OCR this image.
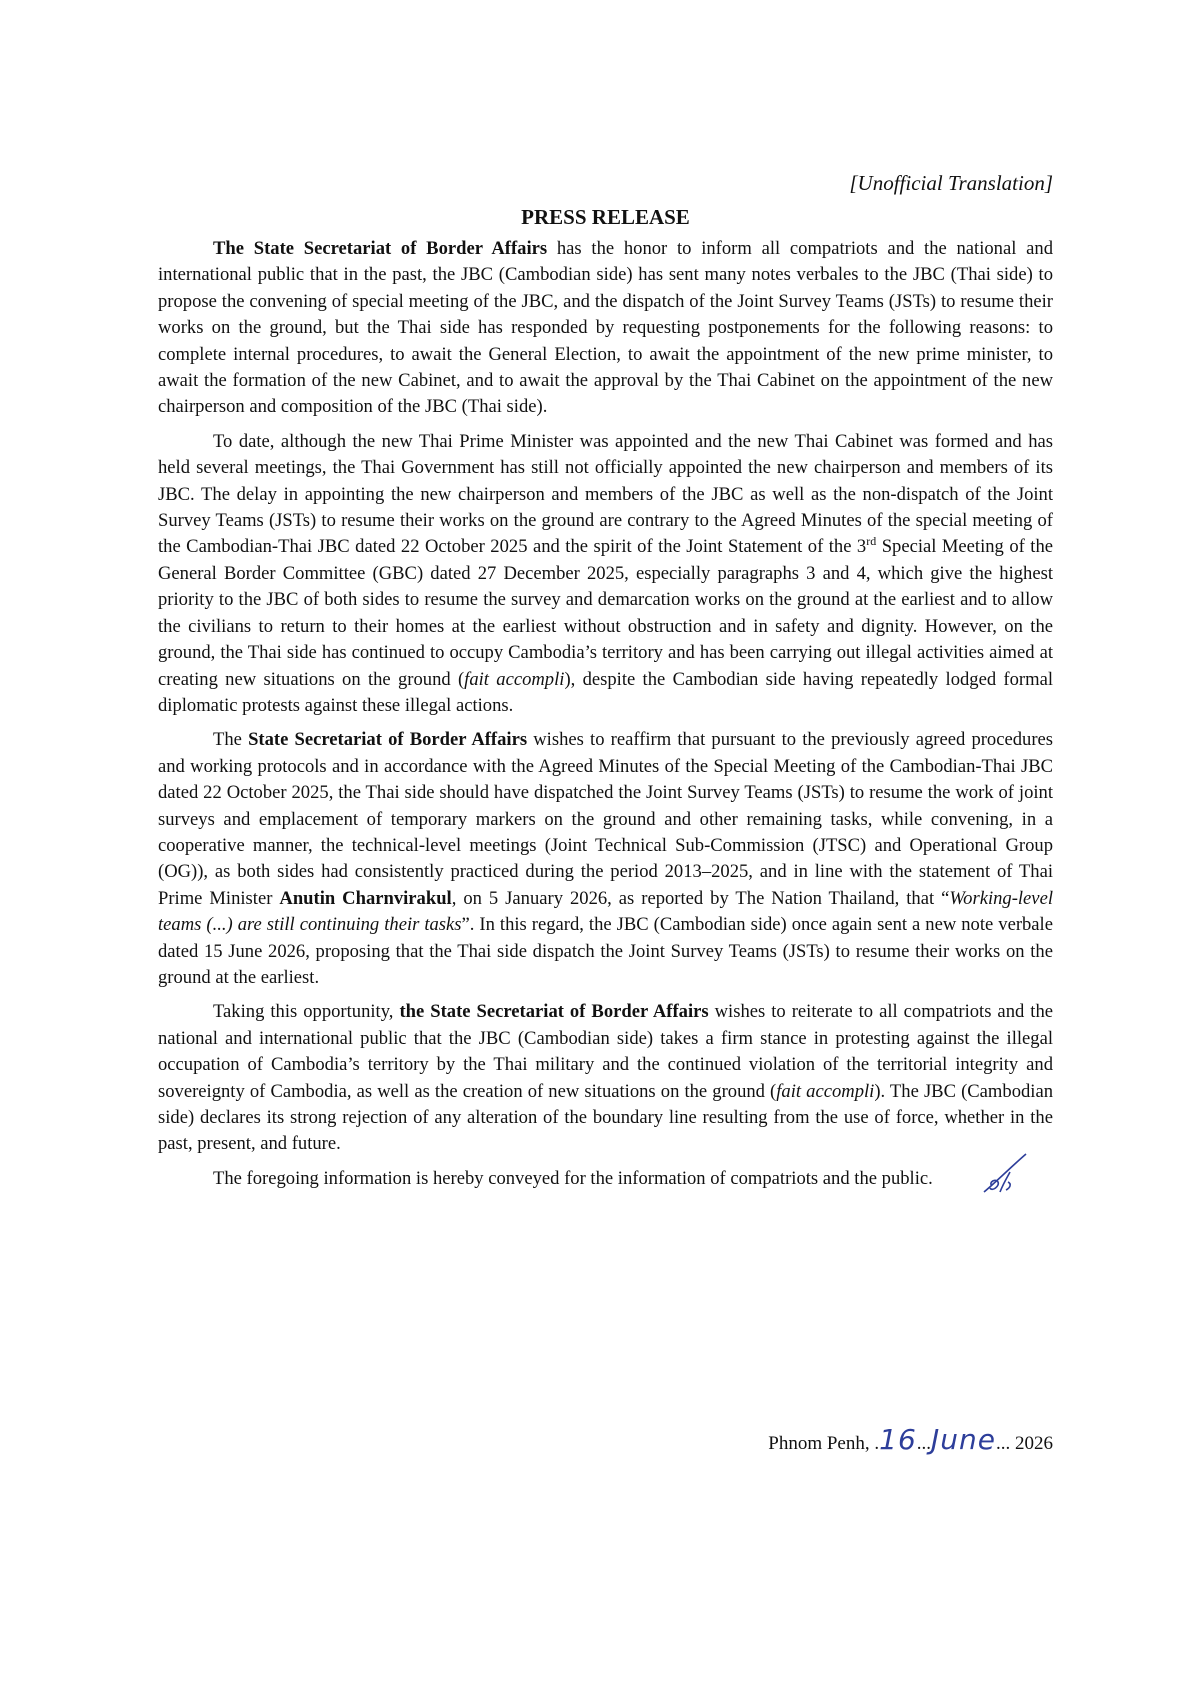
[Unofficial Translation]

PRESS RELEASE

The State Secretariat of Border Affairs has the honor to inform all compatriots and the national and international public that in the past, the JBC (Cambodian side) has sent many notes verbales to the JBC (Thai side) to propose the convening of special meeting of the JBC, and the dispatch of the Joint Survey Teams (JSTs) to resume their works on the ground, but the Thai side has responded by requesting postponements for the following reasons: to complete internal procedures, to await the General Election, to await the appointment of the new prime minister, to await the formation of the new Cabinet, and to await the approval by the Thai Cabinet on the appointment of the new chairperson and composition of the JBC (Thai side).

To date, although the new Thai Prime Minister was appointed and the new Thai Cabinet was formed and has held several meetings, the Thai Government has still not officially appointed the new chairperson and members of its JBC. The delay in appointing the new chairperson and members of the JBC as well as the non-dispatch of the Joint Survey Teams (JSTs) to resume their works on the ground are contrary to the Agreed Minutes of the special meeting of the Cambodian-Thai JBC dated 22 October 2025 and the spirit of the Joint Statement of the 3rd Special Meeting of the General Border Committee (GBC) dated 27 December 2025, especially paragraphs 3 and 4, which give the highest priority to the JBC of both sides to resume the survey and demarcation works on the ground at the earliest and to allow the civilians to return to their homes at the earliest without obstruction and in safety and dignity. However, on the ground, the Thai side has continued to occupy Cambodia’s territory and has been carrying out illegal activities aimed at creating new situations on the ground (fait accompli), despite the Cambodian side having repeatedly lodged formal diplomatic protests against these illegal actions.

The State Secretariat of Border Affairs wishes to reaffirm that pursuant to the previously agreed procedures and working protocols and in accordance with the Agreed Minutes of the Special Meeting of the Cambodian-Thai JBC dated 22 October 2025, the Thai side should have dispatched the Joint Survey Teams (JSTs) to resume the work of joint surveys and emplacement of temporary markers on the ground and other remaining tasks, while convening, in a cooperative manner, the technical-level meetings (Joint Technical Sub-Commission (JTSC) and Operational Group (OG)), as both sides had consistently practiced during the period 2013–2025, and in line with the statement of Thai Prime Minister Anutin Charnvirakul, on 5 January 2026, as reported by The Nation Thailand, that “Working-level teams (...) are still continuing their tasks”. In this regard, the JBC (Cambodian side) once again sent a new note verbale dated 15 June 2026, proposing that the Thai side dispatch the Joint Survey Teams (JSTs) to resume their works on the ground at the earliest.

Taking this opportunity, the State Secretariat of Border Affairs wishes to reiterate to all compatriots and the national and international public that the JBC (Cambodian side) takes a firm stance in protesting against the illegal occupation of Cambodia’s territory by the Thai military and the continued violation of the territorial integrity and sovereignty of Cambodia, as well as the creation of new situations on the ground (fait accompli). The JBC (Cambodian side) declares its strong rejection of any alteration of the boundary line resulting from the use of force, whether in the past, present, and future.

The foregoing information is hereby conveyed for the information of compatriots and the public.

Phnom Penh, .16...June... 2026
